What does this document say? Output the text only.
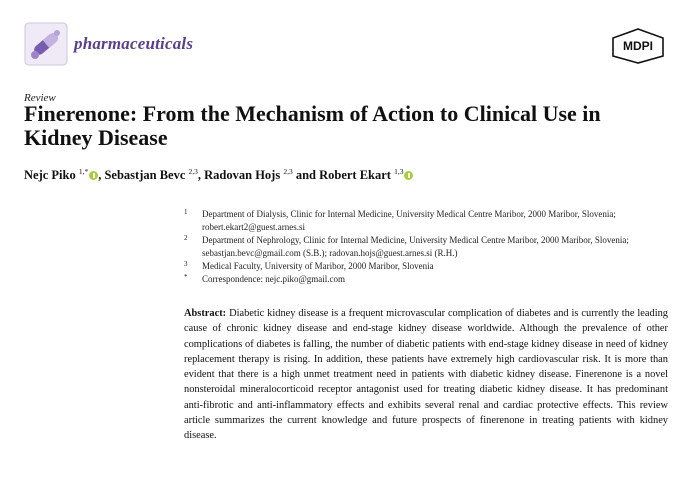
pharmaceuticals	MDPI
Review
Finerenone: From the Mechanism of Action to Clinical Use in Kidney Disease
Nejc Piko $^{1,*}$ , Sebastjan Bevc $^{2,3}$, Radovan Hojs $^{2,3}$ and Robert Ekart $^{1,3}$
1 Department of Dialysis, Clinic for Internal Medicine, University Medical Centre Maribor, 2000 Maribor, Slovenia; robert.ekart2@guest.arnes.si
2 Department of Nephrology, Clinic for Internal Medicine, University Medical Centre Maribor, 2000 Maribor, Slovenia; sebastjan.bevc@gmail.com (S.B.); radovan.hojs@guest.arnes.si (R.H.)
3 Medical Faculty, University of Maribor, 2000 Maribor, Slovenia
* Correspondence: nejc.piko@gmail.com

Abstract: Diabetic kidney disease is a frequent microvascular complication of diabetes and is currently the leading cause of chronic kidney disease and end-stage kidney disease worldwide. Although the prevalence of other complications of diabetes is falling, the number of diabetic patients with end-stage kidney disease in need of kidney replacement therapy is rising. In addition, these patients have extremely high cardiovascular risk. It is more than evident that there is a high unmet treatment need in patients with diabetic kidney disease. Finerenone is a novel nonsteroidal mineralocorticoid receptor antagonist used for treating diabetic kidney disease. It has predominant anti-fibrotic and anti-inflammatory effects and exhibits several renal and cardiac protective effects. This review article summarizes the current knowledge and future prospects of finerenone in treating patients with kidney disease.
